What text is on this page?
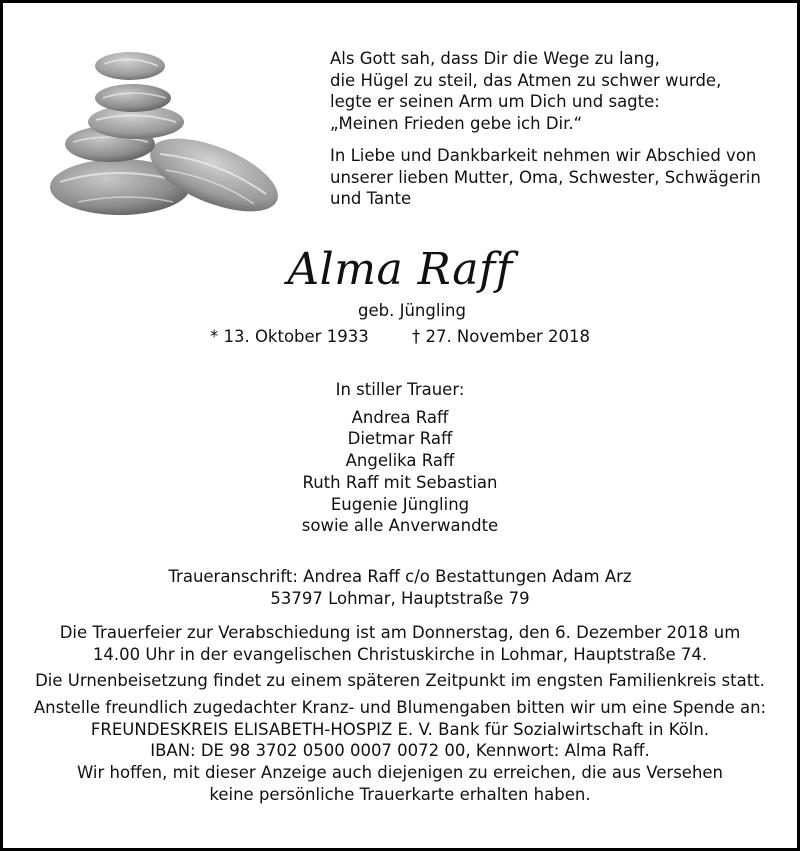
Als Gott sah, dass Dir die Wege zu lang,

die Hügel zu steil, das Atmen zu schwer wurde,

legte er seinen Arm um Dich und sagte:

„Meinen Frieden gebe ich Dir.“

In Liebe und Dankbarkeit nehmen wir Abschied von

unserer lieben Mutter, Oma, Schwester, Schwägerin

und Tante

Alma Raff
geb. Jüngling
* 13. Oktober 1933	† 27. November 2018
In stiller Trauer:
Andrea Raff
Dietmar Raff
Angelika Raff
Ruth Raff mit Sebastian
Eugenie Jüngling
sowie alle Anverwandte

Traueranschrift: Andrea Raff c/o Bestattungen Adam Arz

53797 Lohmar, Hauptstraße 79

Die Trauerfeier zur Verabschiedung ist am Donnerstag, den 6. Dezember 2018 um

14.00 Uhr in der evangelischen Christuskirche in Lohmar, Hauptstraße 74.

Die Urnenbeisetzung findet zu einem späteren Zeitpunkt im engsten Familienkreis statt.

Anstelle freundlich zugedachter Kranz- und Blumengaben bitten wir um eine Spende an:

FREUNDESKREIS ELISABETH-HOSPIZ E. V. Bank für Sozialwirtschaft in Köln.

IBAN: DE 98 3702 0500 0007 0072 00, Kennwort: Alma Raff.

Wir hoffen, mit dieser Anzeige auch diejenigen zu erreichen, die aus Versehen

keine persönliche Trauerkarte erhalten haben.
